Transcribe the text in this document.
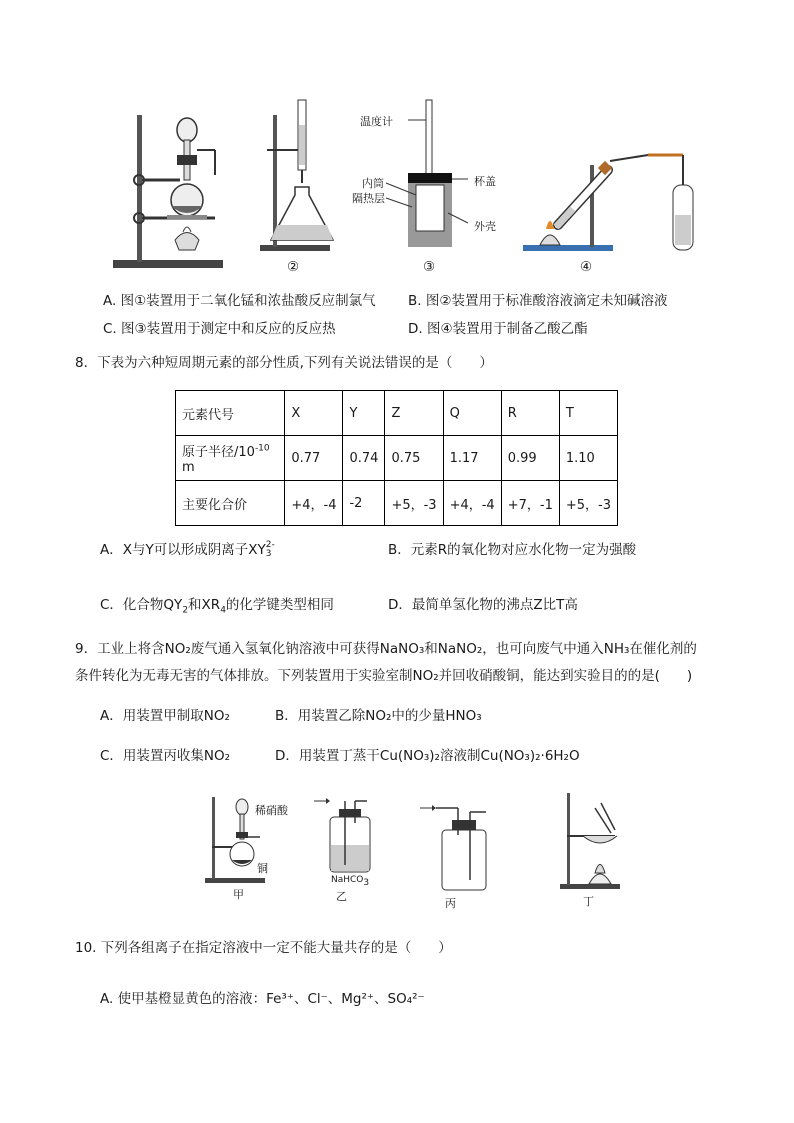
②
温度计
内筒
隔热层
杯盖
外壳
③	④
A. 图①装置用于二氧化锰和浓盐酸反应制氯气 B. 图②装置用于标准酸溶液滴定未知碱溶液
C. 图③装置用于测定中和反应的反应热	D. 图④装置用于制备乙酸乙酯
8．下表为六种短周期元素的部分性质,下列有关说法错误的是（　　）
元素代号	X	Y	Z	Q	R	T
原子半径$/10^{-10}$ m	0.77	0.74	0.75	1.17	0.99	1.10
主要化合价	+4，-4	-2	+5，-3	+4，-4	+7，-1	+5，-3
A．X与Y可以形成阴离子XY2-
3	B．元素R的氧化物对应水化物一定为强酸
C．化合物$QY_2$和$XR_4$的化学键类型相同	D．最简单氢化物的沸点Z比T高
9．工业上将含NO₂废气通入氢氧化钠溶液中可获得NaNO₃和NaNO₂，也可向废气中通入NH₃在催化剂的
条件转化为无毒无害的气体排放。下列装置用于实验室制NO₂并回收硝酸铜，能达到实验目的的是(　　)
A．用装置甲制取NO₂	B．用装置乙除NO₂中的少量HNO₃
C．用装置丙收集NO₂	D．用装置丁蒸干Cu(NO₃)₂溶液制Cu(NO₃)₂·6H₂O
稀硝酸
铜
甲
NaHCO$_3$
乙
丙	丁
10. 下列各组离子在指定溶液中一定不能大量共存的是（　　）
A. 使甲基橙显黄色的溶液：Fe³⁺、Cl⁻、Mg²⁺、SO₄²⁻
